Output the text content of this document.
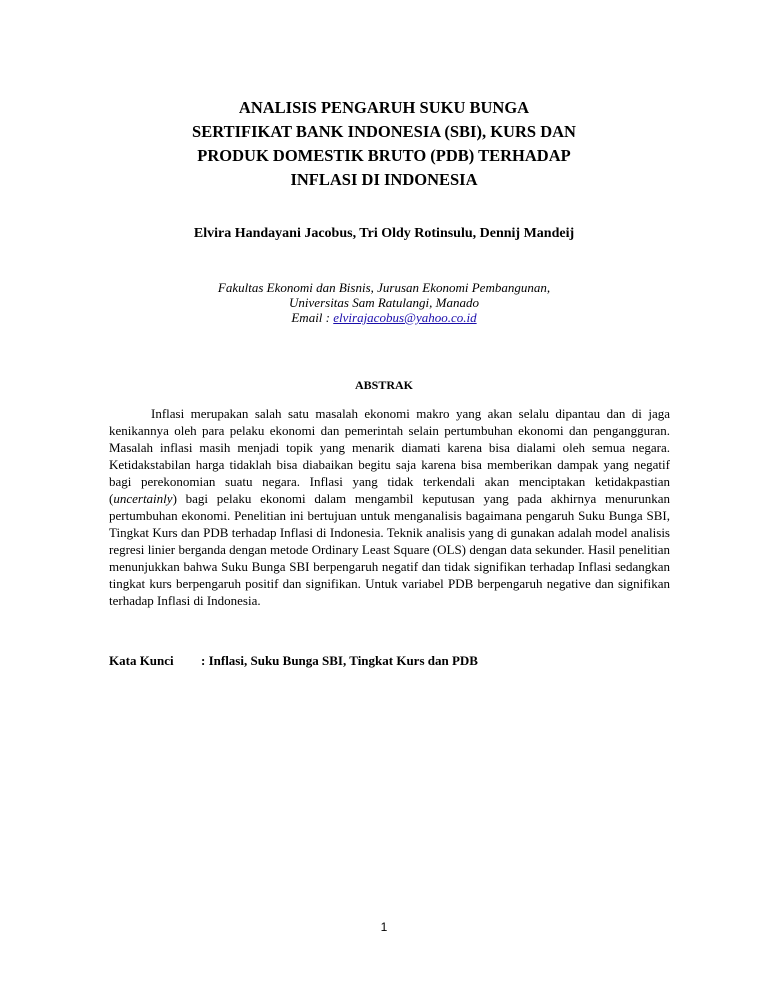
ANALISIS PENGARUH SUKU BUNGA
SERTIFIKAT BANK INDONESIA (SBI), KURS DAN
PRODUK DOMESTIK BRUTO (PDB) TERHADAP
INFLASI DI INDONESIA
Elvira Handayani Jacobus, Tri Oldy Rotinsulu, Dennij Mandeij
Fakultas Ekonomi dan Bisnis, Jurusan Ekonomi Pembangunan,
Universitas Sam Ratulangi, Manado
Email : elvirajacobus@yahoo.co.id
ABSTRAK

Inflasi merupakan salah satu masalah ekonomi makro yang akan selalu dipantau dan di jaga kenikannya oleh para pelaku ekonomi dan pemerintah selain pertumbuhan ekonomi dan pengangguran. Masalah inflasi masih menjadi topik yang menarik diamati karena bisa dialami oleh semua negara. Ketidakstabilan harga tidaklah bisa diabaikan begitu saja karena bisa memberikan dampak yang negatif bagi perekonomian suatu negara. Inflasi yang tidak terkendali akan menciptakan ketidakpastian (uncertainly) bagi pelaku ekonomi dalam mengambil keputusan yang pada akhirnya menurunkan pertumbuhan ekonomi. Penelitian ini bertujuan untuk menganalisis bagaimana pengaruh Suku Bunga SBI, Tingkat Kurs dan PDB terhadap Inflasi di Indonesia. Teknik analisis yang di gunakan adalah model analisis regresi linier berganda dengan metode Ordinary Least Square (OLS) dengan data sekunder. Hasil penelitian menunjukkan bahwa Suku Bunga SBI berpengaruh negatif dan tidak signifikan terhadap Inflasi sedangkan tingkat kurs berpengaruh positif dan signifikan. Untuk variabel PDB berpengaruh negative dan signifikan terhadap Inflasi di Indonesia.

Kata Kunci : Inflasi, Suku Bunga SBI, Tingkat Kurs dan PDB
1
